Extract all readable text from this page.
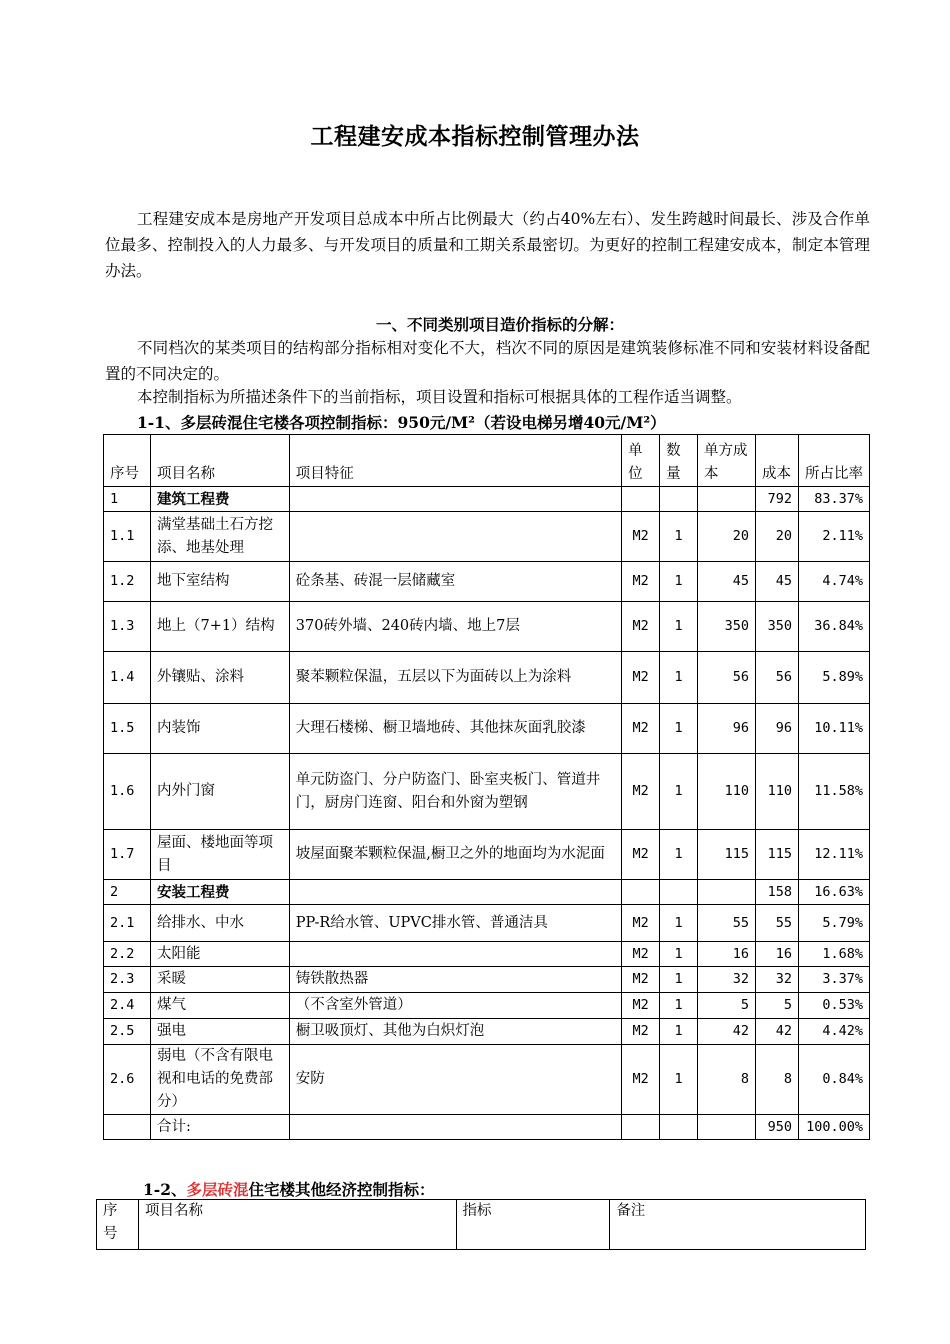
工程建安成本指标控制管理办法
工程建安成本是房地产开发项目总成本中所占比例最大（约占40%左右）、发生跨越时间最长、涉及合作单位最多、控制投入的人力最多、与开发项目的质量和工期关系最密切。为更好的控制工程建安成本，制定本管理办法。
一、不同类别项目造价指标的分解：
不同档次的某类项目的结构部分指标相对变化不大，档次不同的原因是建筑装修标准不同和安装材料设备配置的不同决定的。
本控制指标为所描述条件下的当前指标，项目设置和指标可根据具体的工程作适当调整。
1-1、多层砖混住宅楼各项控制指标：950元/M²（若设电梯另增40元/M²）
序号	项目名称	项目特征	单位	数量	单方成本	成本	所占比率
1	建筑工程费					792	83.37%
1.1	满堂基础土石方挖添、地基处理		M2	1	20	20	2.11%
1.2	地下室结构	砼条基、砖混一层储藏室	M2	1	45	45	4.74%
1.3	地上（7+1）结构	370砖外墙、240砖内墙、地上7层	M2	1	350	350	36.84%
1.4	外镶贴、涂料	聚苯颗粒保温，五层以下为面砖以上为涂料	M2	1	56	56	5.89%
1.5	内装饰	大理石楼梯、橱卫墙地砖、其他抹灰面乳胶漆	M2	1	96	96	10.11%
1.6	内外门窗	单元防盗门、分户防盗门、卧室夹板门、管道井门，厨房门连窗、阳台和外窗为塑钢	M2	1	110	110	11.58%
1.7	屋面、楼地面等项目	坡屋面聚苯颗粒保温,橱卫之外的地面均为水泥面	M2	1	115	115	12.11%
2	安装工程费					158	16.63%
2.1	给排水、中水	PP-R给水管、UPVC排水管、普通洁具	M2	1	55	55	5.79%
2.2	太阳能		M2	1	16	16	1.68%
2.3	采暖	铸铁散热器	M2	1	32	32	3.37%
2.4	煤气	（不含室外管道）	M2	1	5	5	0.53%
2.5	强电	橱卫吸顶灯、其他为白炽灯泡	M2	1	42	42	4.42%
2.6	弱电（不含有限电视和电话的免费部分）	安防	M2	1	8	8	0.84%
	合计:					950	100.00%
1-2、多层砖混住宅楼其他经济控制指标：
序号	项目名称	指标	备注
